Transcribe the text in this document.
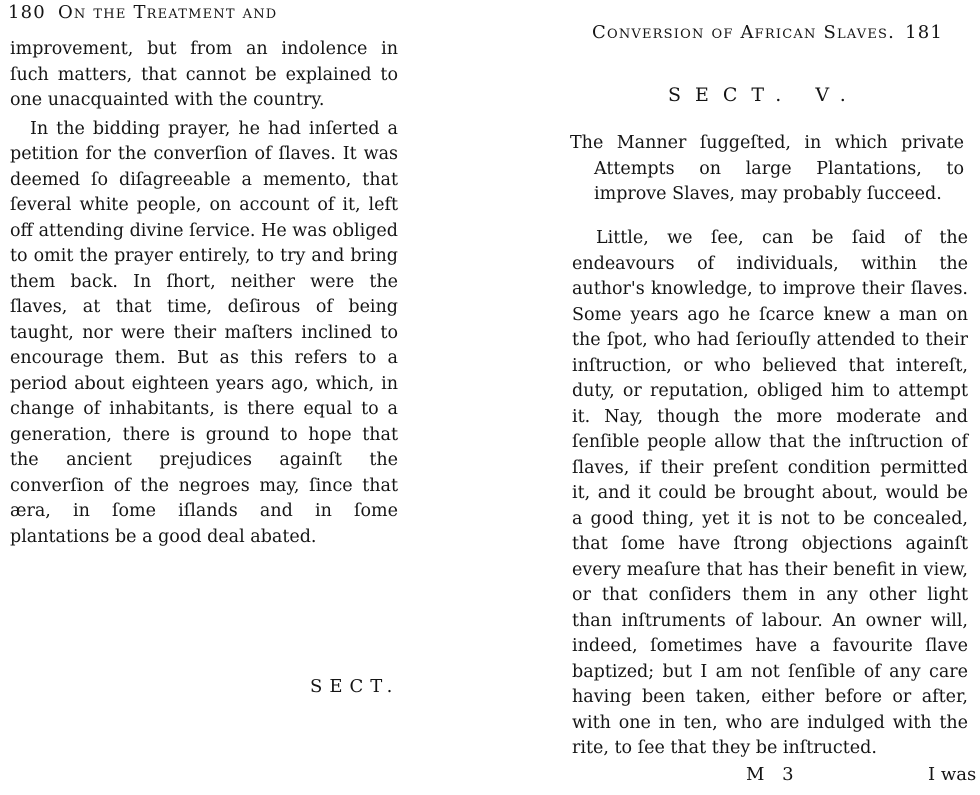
180 On the Treatment and

improvement, but from an indolence in ſuch matters, that cannot be explained to one unacquainted with the country.

In the bidding prayer, he had inſerted a petition for the converſion of ſlaves. It was deemed ſo diſagreeable a memento, that ſeveral white people, on account of it, left off attending divine ſervice. He was obliged to omit the prayer entirely, to try and bring them back. In ſhort, neither were the ſlaves, at that time, deſirous of being taught, nor were their maſters inclined to encourage them. But as this refers to a period about eighteen years ago, which, in change of inhabitants, is there equal to a generation, there is ground to hope that the ancient prejudices againſt the converſion of the negroes may, ſince that æra, in ſome iſlands and in ſome plantations be a good deal abated.

SECT.
Conversion of African Slaves. 181
SECT. V.
The Manner ſuggeſted, in which private Attempts on large Plantations, to improve Slaves, may probably ſucceed.

Little, we ſee, can be ſaid of the endeavours of individuals, within the author's knowledge, to improve their ſlaves. Some years ago he ſcarce knew a man on the ſpot, who had ſeriouſly attended to their inſtruction, or who believed that intereſt, duty, or reputation, obliged him to attempt it. Nay, though the more moderate and ſenſible people allow that the inſtruction of ſlaves, if their preſent condition permitted it, and it could be brought about, would be a good thing, yet it is not to be concealed, that ſome have ſtrong objections againſt every meaſure that has their benefit in view, or that conſiders them in any other light than inſtruments of labour. An owner will, indeed, ſometimes have a favourite ſlave baptized; but I am not ſenſible of any care having been taken, either before or after, with one in ten, who are indulged with the rite, to ſee that they be inſtructed.

M 3	I was
